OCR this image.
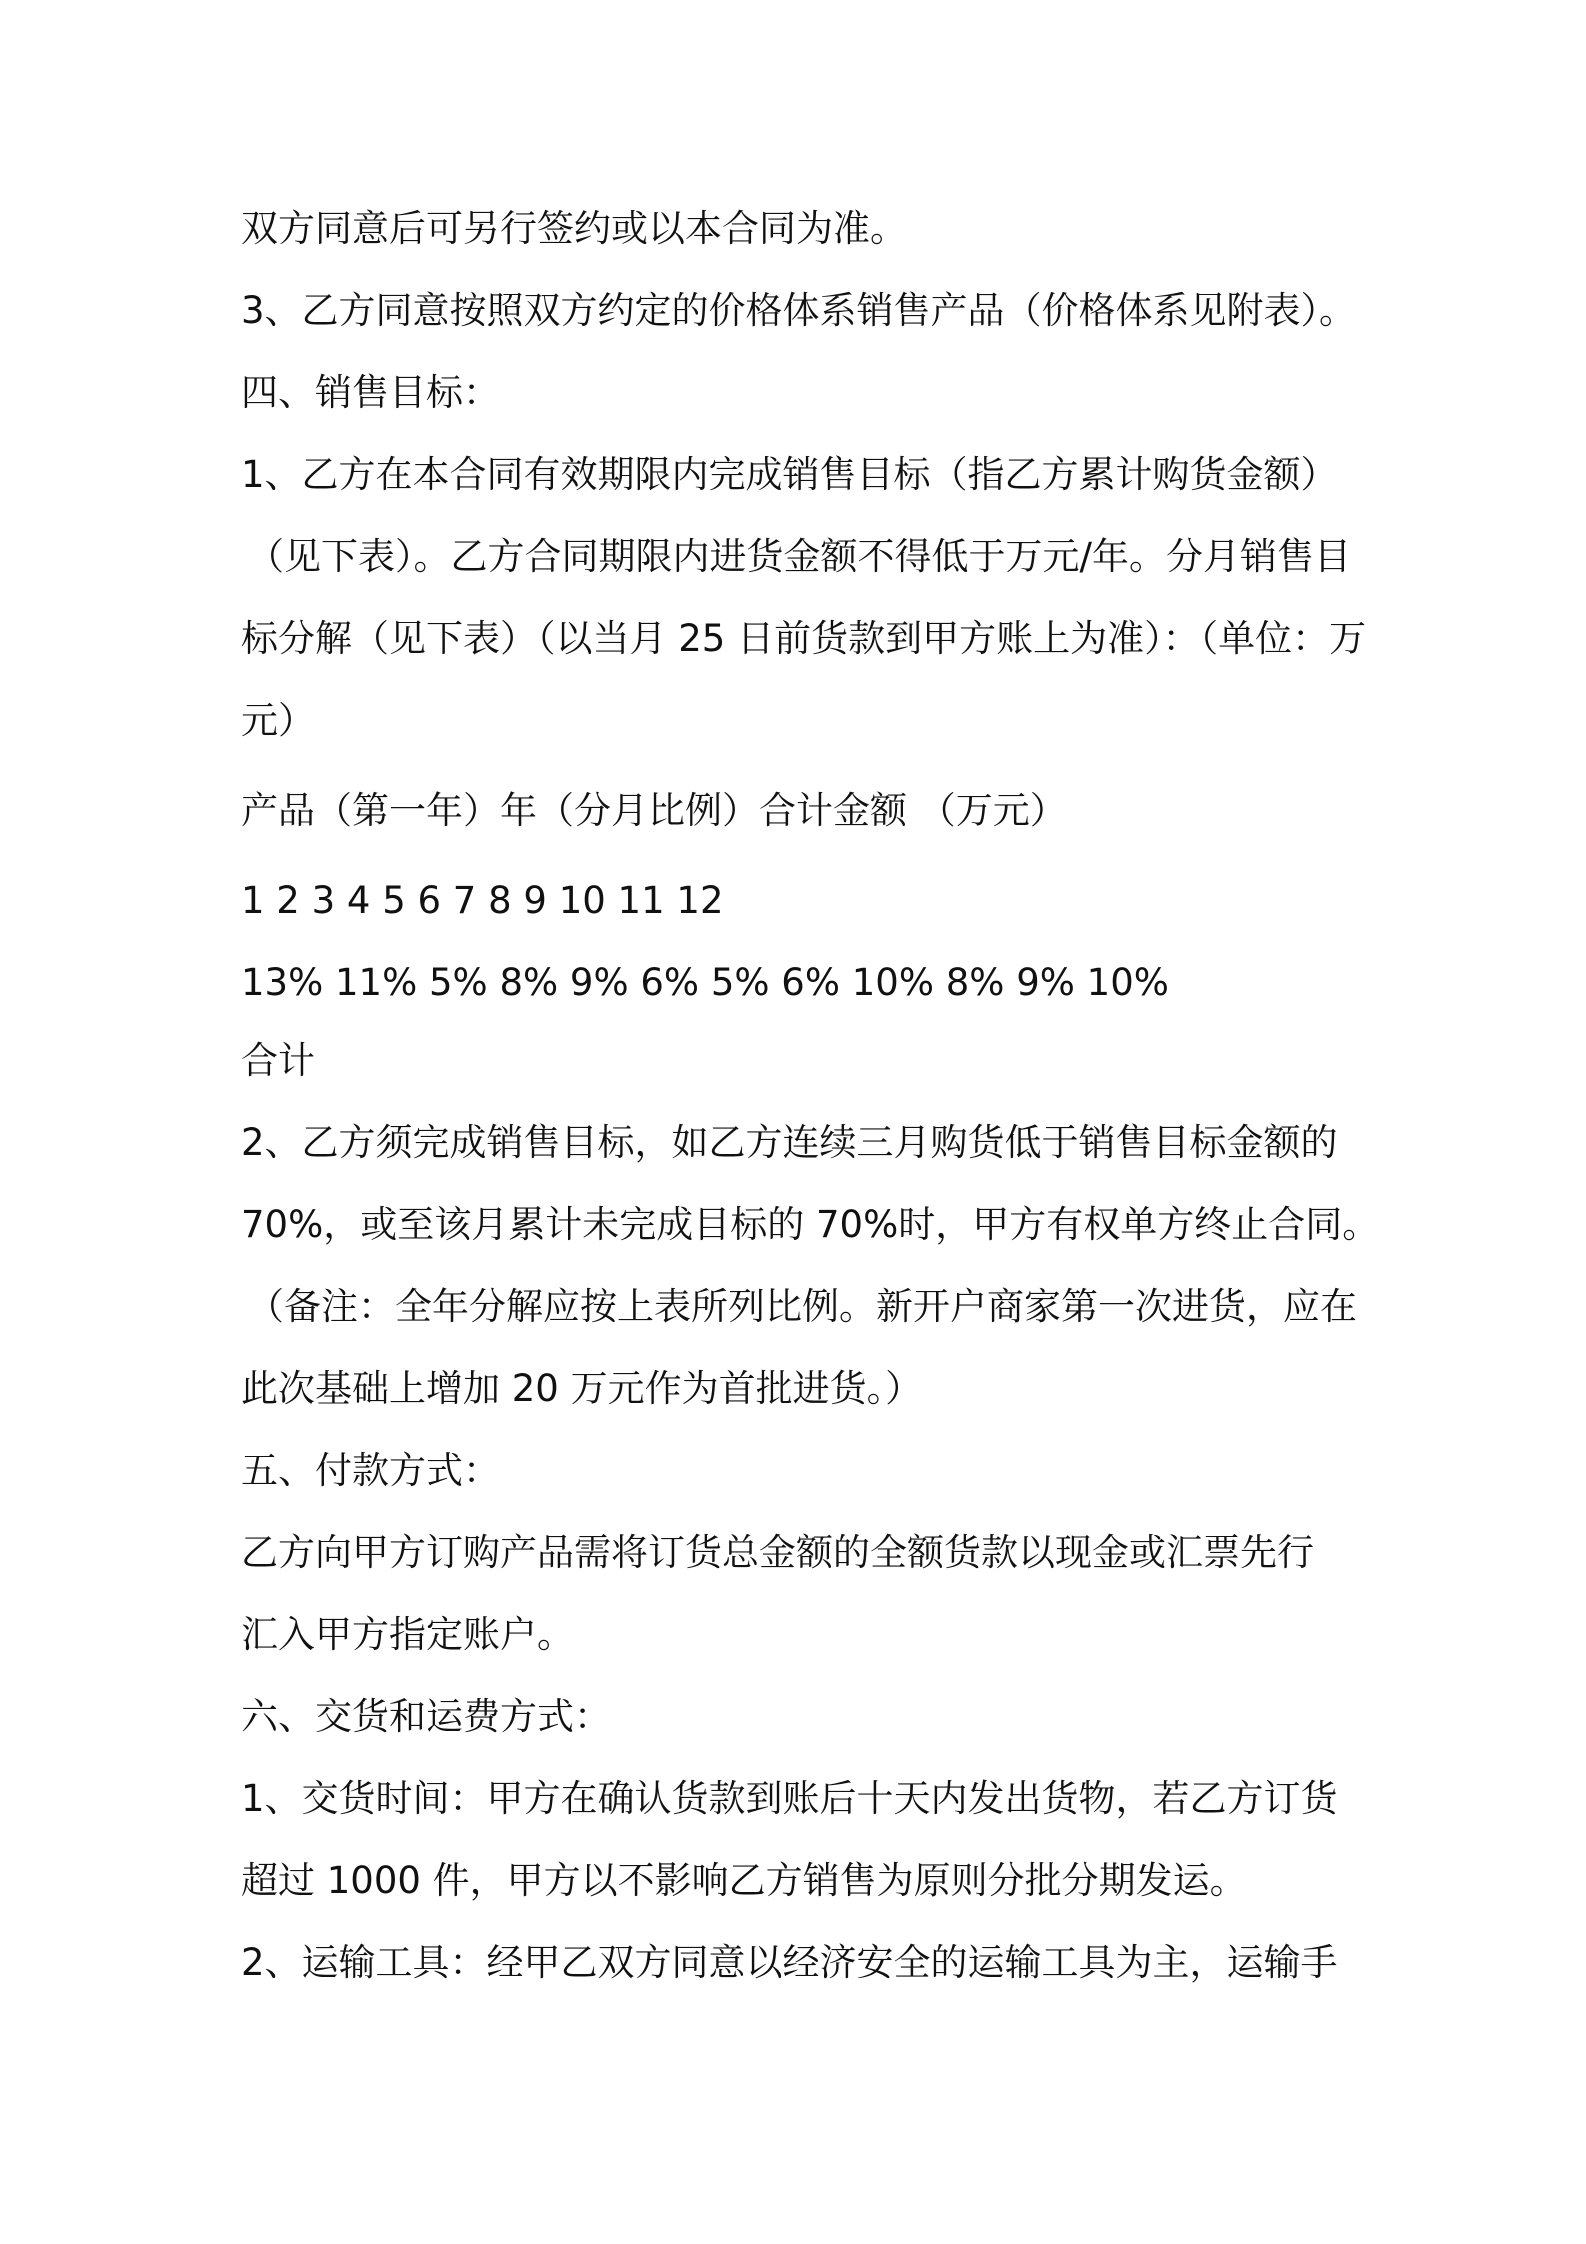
双方同意后可另行签约或以本合同为准。
3、乙方同意按照双方约定的价格体系销售产品（价格体系见附表）。
四、销售目标：
1、乙方在本合同有效期限内完成销售目标（指乙方累计购货金额）
（见下表）。乙方合同期限内进货金额不得低于万元/年。分月销售目
标分解（见下表）（以当月 25 日前货款到甲方账上为准）：（单位：万
元）
产品（第一年）年（分月比例）合计金额 （万元）
1 2 3 4 5 6 7 8 9 10 11 12
13% 11% 5% 8% 9% 6% 5% 6% 10% 8% 9% 10%
合计
2、乙方须完成销售目标，如乙方连续三月购货低于销售目标金额的
70%，或至该月累计未完成目标的 70%时，甲方有权单方终止合同。
（备注：全年分解应按上表所列比例。新开户商家第一次进货，应在
此次基础上增加 20 万元作为首批进货。）
五、付款方式：
乙方向甲方订购产品需将订货总金额的全额货款以现金或汇票先行
汇入甲方指定账户。
六、交货和运费方式：
1、交货时间：甲方在确认货款到账后十天内发出货物，若乙方订货
超过 1000 件，甲方以不影响乙方销售为原则分批分期发运。
2、运输工具：经甲乙双方同意以经济安全的运输工具为主，运输手
